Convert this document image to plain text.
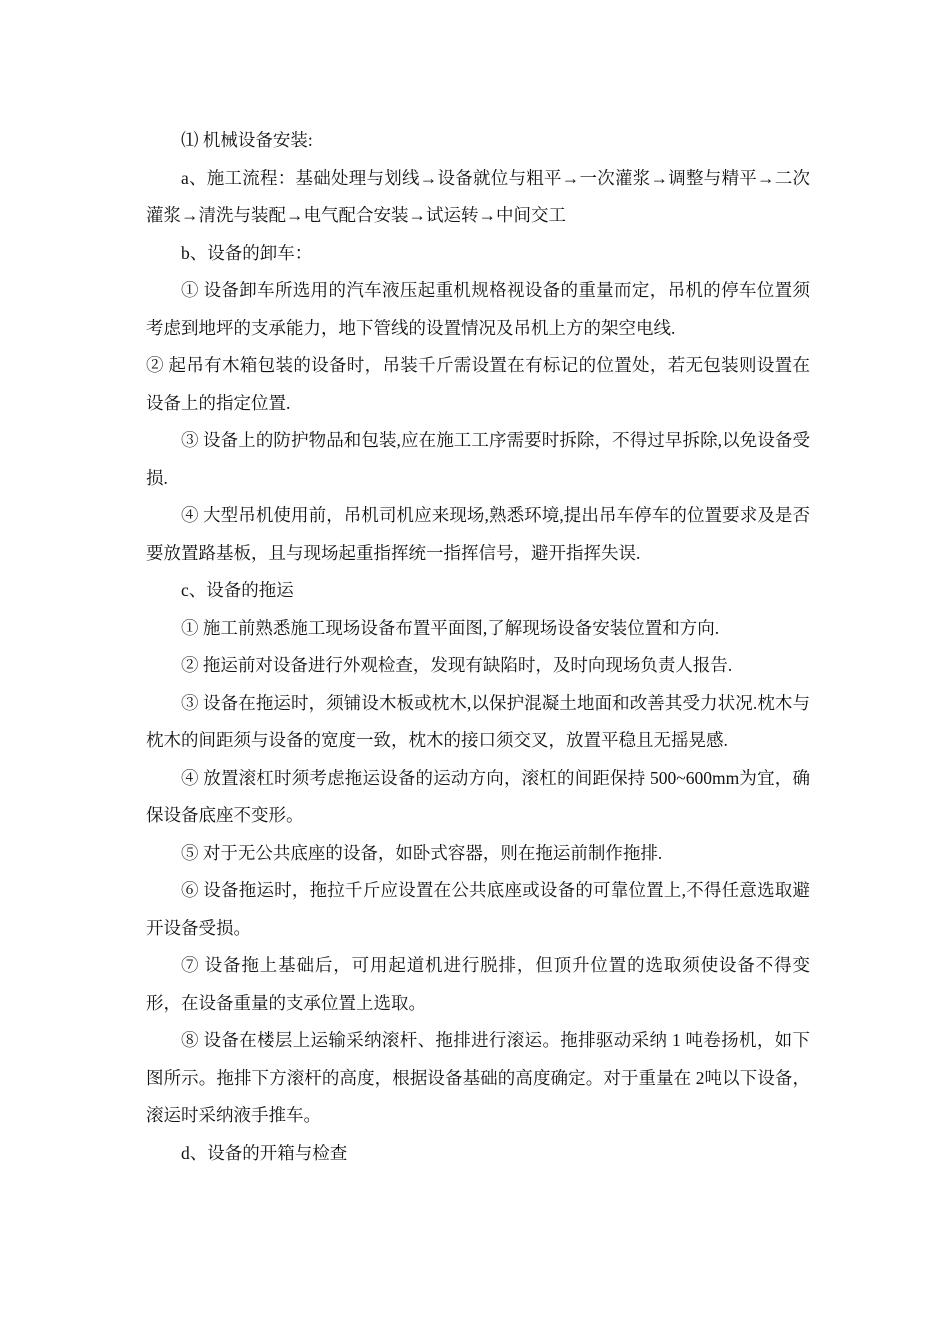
⑴ 机械设备安装:

a、施工流程：基础处理与划线→设备就位与粗平→一次灌浆→调整与精平→二次灌浆→清洗与装配→电气配合安装→试运转→中间交工

b、设备的卸车：

① 设备卸车所选用的汽车液压起重机规格视设备的重量而定，吊机的停车位置须考虑到地坪的支承能力，地下管线的设置情况及吊机上方的架空电线.

② 起吊有木箱包装的设备时，吊装千斤需设置在有标记的位置处，若无包装则设置在设备上的指定位置.

③ 设备上的防护物品和包装,应在施工工序需要时拆除，不得过早拆除,以免设备受损.

④ 大型吊机使用前，吊机司机应来现场,熟悉环境,提出吊车停车的位置要求及是否要放置路基板，且与现场起重指挥统一指挥信号，避开指挥失误.

c、设备的拖运

① 施工前熟悉施工现场设备布置平面图,了解现场设备安装位置和方向.

② 拖运前对设备进行外观检查，发现有缺陷时，及时向现场负责人报告.

③ 设备在拖运时，须铺设木板或枕木,以保护混凝土地面和改善其受力状况.枕木与枕木的间距须与设备的宽度一致，枕木的接口须交叉，放置平稳且无摇晃感.

④ 放置滚杠时须考虑拖运设备的运动方向，滚杠的间距保持 500~600mm为宜，确保设备底座不变形。

⑤ 对于无公共底座的设备，如卧式容器，则在拖运前制作拖排.

⑥ 设备拖运时，拖拉千斤应设置在公共底座或设备的可靠位置上,不得任意选取避开设备受损。

⑦ 设备拖上基础后，可用起道机进行脱排，但顶升位置的选取须使设备不得变形，在设备重量的支承位置上选取。

⑧ 设备在楼层上运输采纳滚杆、拖排进行滚运。拖排驱动采纳 1 吨卷扬机，如下图所示。拖排下方滚杆的高度，根据设备基础的高度确定。对于重量在 2吨以下设备，滚运时采纳液手推车。

d、设备的开箱与检查
